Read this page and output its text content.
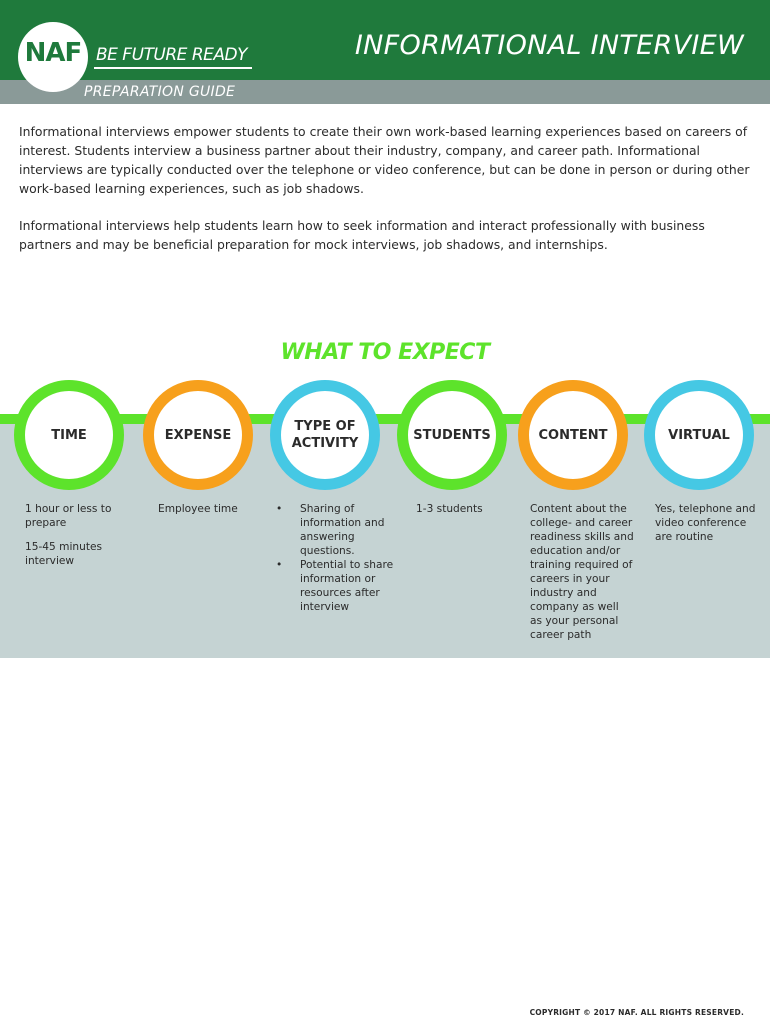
NAF BE FUTURE READY	INFORMATIONAL INTERVIEW
PREPARATION GUIDE

Informational interviews empower students to create their own work-based learning experiences based on careers of interest. Students interview a business partner about their industry, company, and career path. Informational interviews are typically conducted over the telephone or video conference, but can be done in person or during other work-based learning experiences, such as job shadows.

Informational interviews help students learn how to seek information and interact professionally with business partners and may be beneficial preparation for mock interviews, job shadows, and internships.

WHAT TO EXPECT
TIME	EXPENSE
TYPE OF ACTIVITY
STUDENTS	CONTENT	VIRTUAL

1 hour or less to prepare

15-45 minutes interview

Employee time

•	Sharing of information and answering questions.
• Potential to share information or resources after interview

1-3 students	Content about the college- and career readiness skills and education and/or training required of careers in your industry and company as well as your personal career path

Yes, telephone and video conference are routine

COPYRIGHT © 2017 NAF. ALL RIGHTS RESERVED.
